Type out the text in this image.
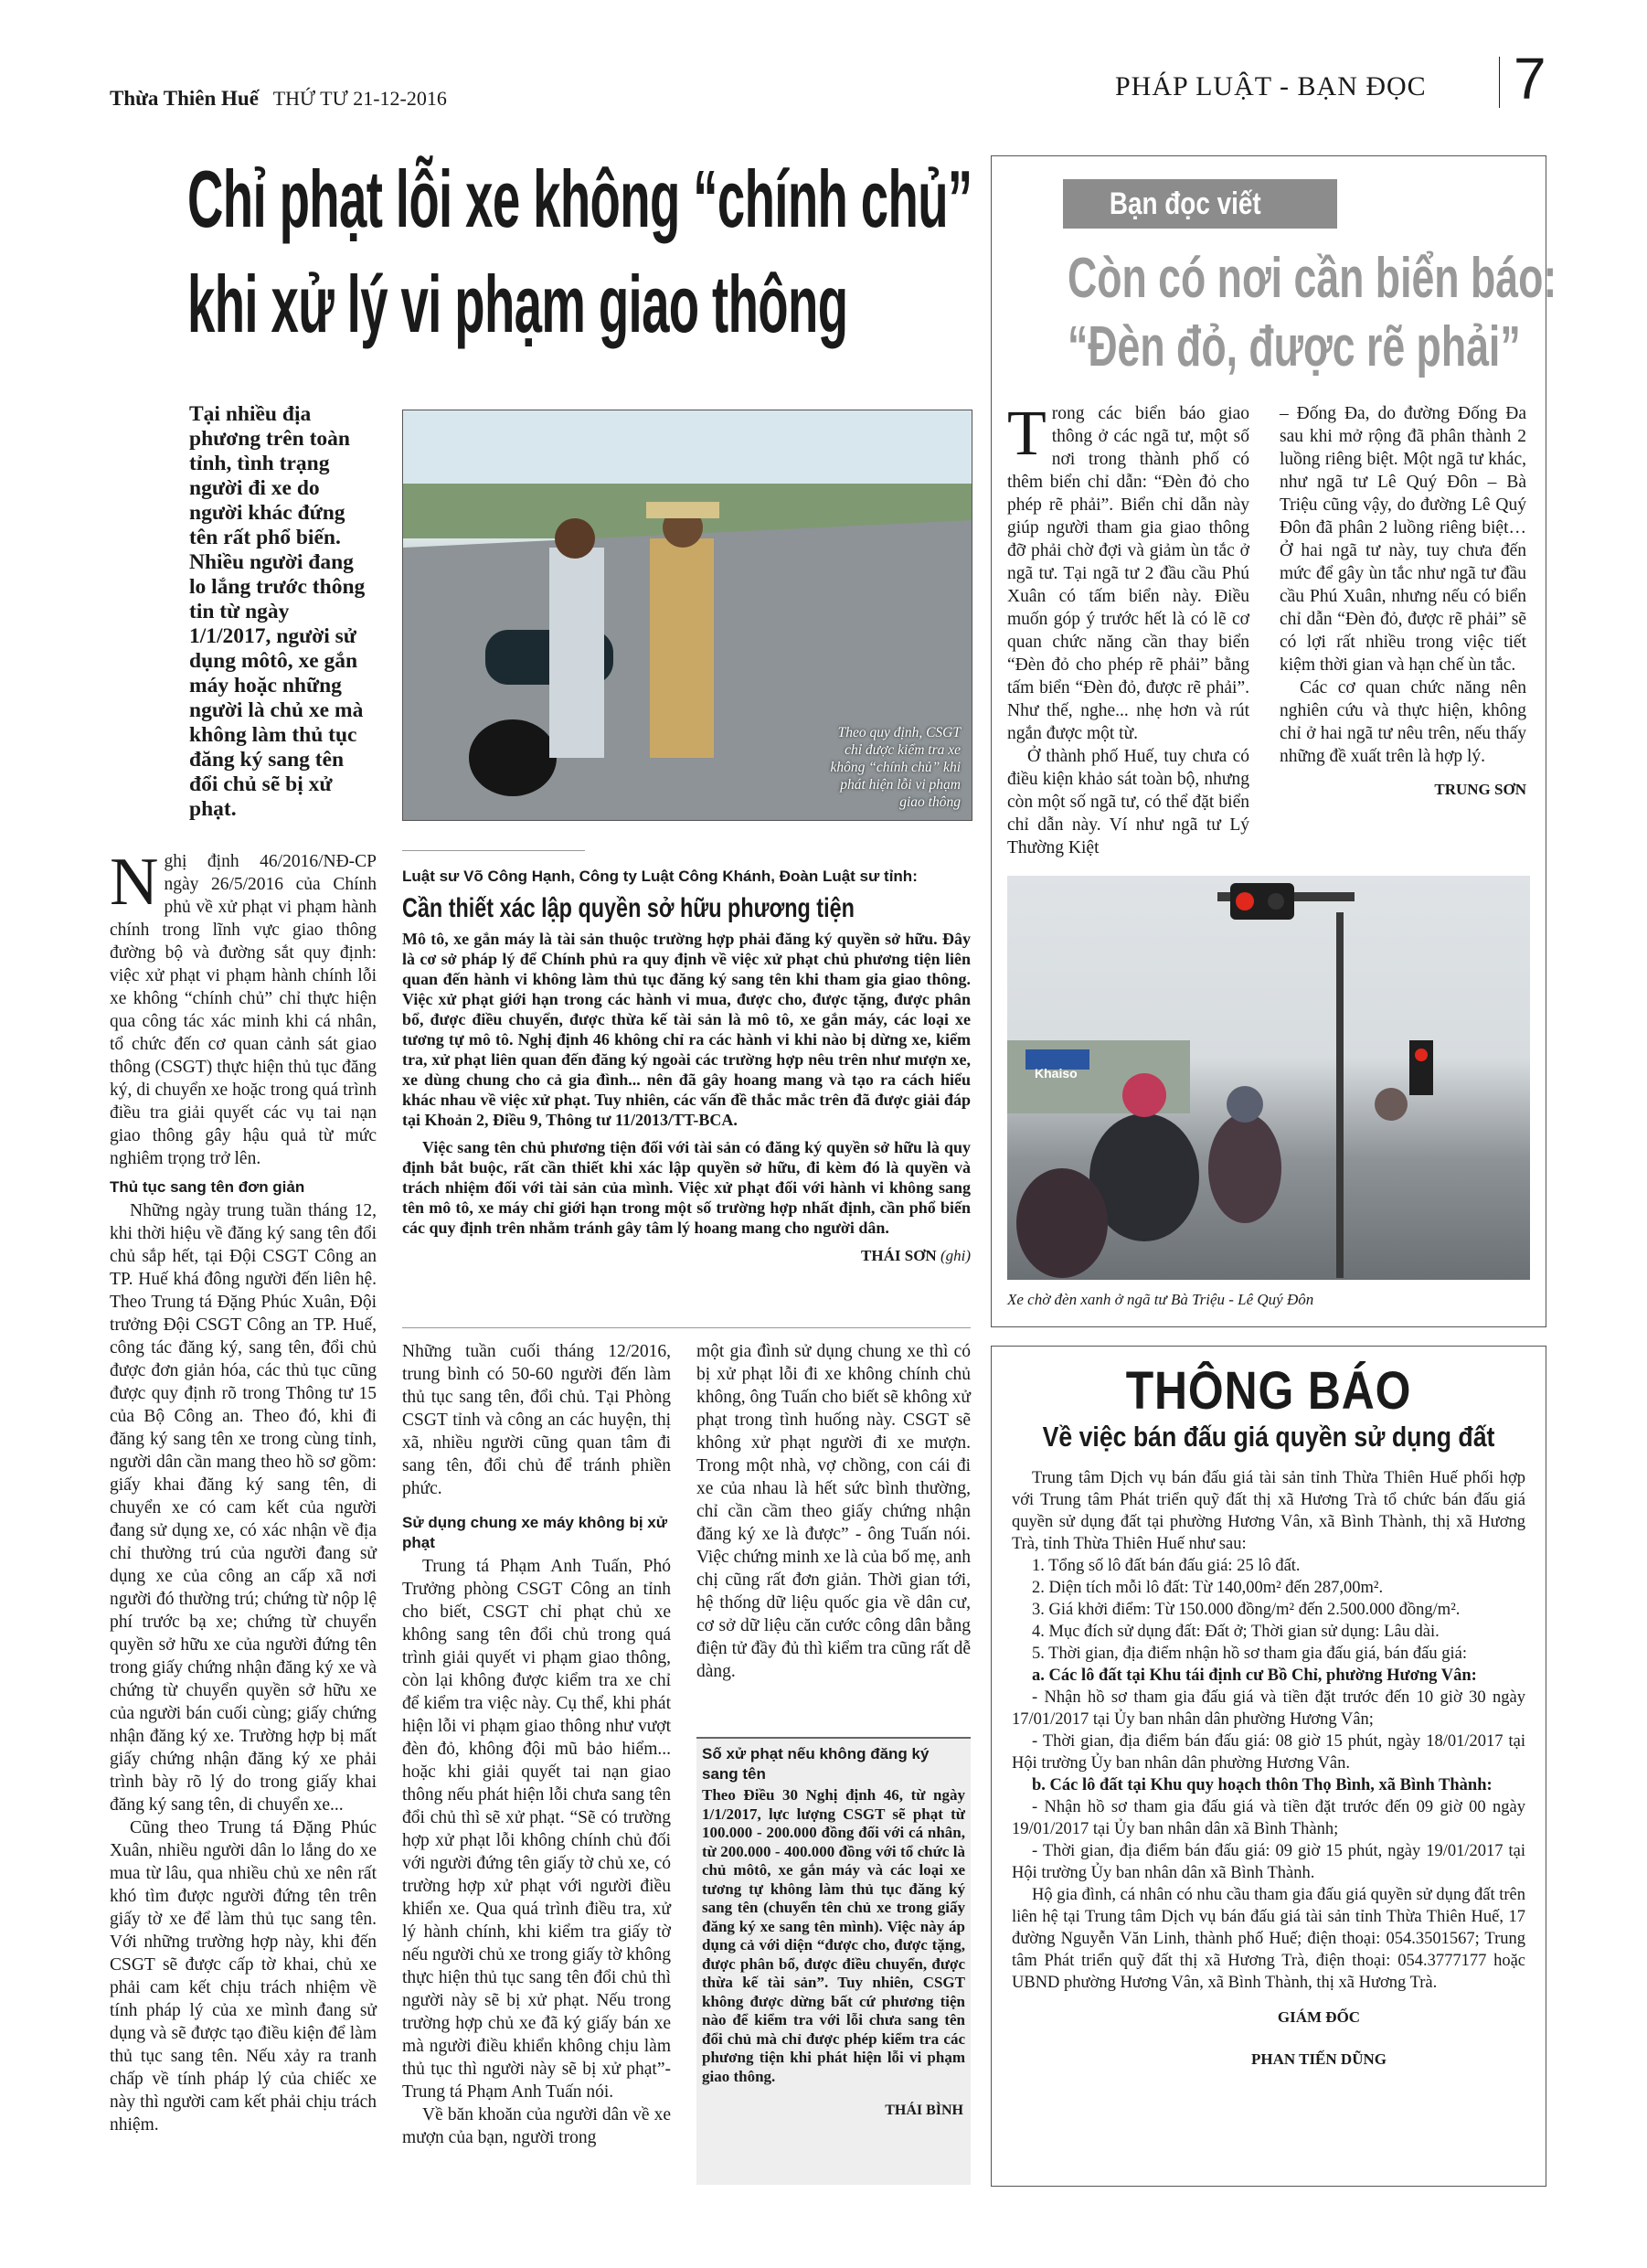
Thừa Thiên Huế THỨ TƯ 21-12-2016	PHÁP LUẬT - BẠN ĐỌC 7
Chỉ phạt lỗi xe không “chính chủ”
khi xử lý vi phạm giao thông
Tại nhiều địa phương trên toàn tỉnh, tình trạng người đi xe do người khác đứng tên rất phổ biến. Nhiều người đang lo lắng trước thông tin từ ngày 1/1/2017, người sử dụng môtô, xe gắn máy hoặc những người là chủ xe mà không làm thủ tục đăng ký sang tên đổi chủ sẽ bị xử phạt.
Theo quy định, CSGT chỉ được kiểm tra xe không “chính chủ” khi phát hiện lỗi vi phạm giao thông

Nghị định 46/2016/NĐ-CP ngày 26/5/2016 của Chính phủ về xử phạt vi phạm hành chính trong lĩnh vực giao thông đường bộ và đường sắt quy định: việc xử phạt vi phạm hành chính lỗi xe không “chính chủ” chỉ thực hiện qua công tác xác minh khi cá nhân, tổ chức đến cơ quan cảnh sát giao thông (CSGT) thực hiện thủ tục đăng ký, di chuyển xe hoặc trong quá trình điều tra giải quyết các vụ tai nạn giao thông gây hậu quả từ mức nghiêm trọng trở lên.

Thủ tục sang tên đơn giản

Những ngày trung tuần tháng 12, khi thời hiệu về đăng ký sang tên đổi chủ sắp hết, tại Đội CSGT Công an TP. Huế khá đông người đến liên hệ. Theo Trung tá Đặng Phúc Xuân, Đội trưởng Đội CSGT Công an TP. Huế, công tác đăng ký, sang tên, đổi chủ được đơn giản hóa, các thủ tục cũng được quy định rõ trong Thông tư 15 của Bộ Công an. Theo đó, khi đi đăng ký sang tên xe trong cùng tỉnh, người dân cần mang theo hồ sơ gồm: giấy khai đăng ký sang tên, di chuyển xe có cam kết của người đang sử dụng xe, có xác nhận về địa chỉ thường trú của người đang sử dụng xe của công an cấp xã nơi người đó thường trú; chứng từ nộp lệ phí trước bạ xe; chứng từ chuyển quyền sở hữu xe của người đứng tên trong giấy chứng nhận đăng ký xe và chứng từ chuyển quyền sở hữu xe của người bán cuối cùng; giấy chứng nhận đăng ký xe. Trường hợp bị mất giấy chứng nhận đăng ký xe phải trình bày rõ lý do trong giấy khai đăng ký sang tên, di chuyển xe...

Cũng theo Trung tá Đặng Phúc Xuân, nhiều người dân lo lắng do xe mua từ lâu, qua nhiều chủ xe nên rất khó tìm được người đứng tên trên giấy tờ xe để làm thủ tục sang tên. Với những trường hợp này, khi đến CSGT sẽ được cấp tờ khai, chủ xe phải cam kết chịu trách nhiệm về tính pháp lý của xe mình đang sử dụng và sẽ được tạo điều kiện để làm thủ tục sang tên. Nếu xảy ra tranh chấp về tính pháp lý của chiếc xe này thì người cam kết phải chịu trách nhiệm.

Luật sư Võ Công Hạnh, Công ty Luật Công Khánh, Đoàn Luật sư tỉnh:
Cần thiết xác lập quyền sở hữu phương tiện

Mô tô, xe gắn máy là tài sản thuộc trường hợp phải đăng ký quyền sở hữu. Đây là cơ sở pháp lý để Chính phủ ra quy định về việc xử phạt chủ phương tiện liên quan đến hành vi không làm thủ tục đăng ký sang tên khi tham gia giao thông. Việc xử phạt giới hạn trong các hành vi mua, được cho, được tặng, được phân bổ, được điều chuyển, được thừa kế tài sản là mô tô, xe gắn máy, các loại xe tương tự mô tô. Nghị định 46 không chỉ ra các hành vi khi nào bị dừng xe, kiểm tra, xử phạt liên quan đến đăng ký ngoài các trường hợp nêu trên như mượn xe, xe dùng chung cho cả gia đình... nên đã gây hoang mang và tạo ra cách hiểu khác nhau về việc xử phạt. Tuy nhiên, các vấn đề thắc mắc trên đã được giải đáp tại Khoản 2, Điều 9, Thông tư 11/2013/TT-BCA.

Việc sang tên chủ phương tiện đối với tài sản có đăng ký quyền sở hữu là quy định bắt buộc, rất cần thiết khi xác lập quyền sở hữu, đi kèm đó là quyền và trách nhiệm đối với tài sản của mình. Việc xử phạt đối với hành vi không sang tên mô tô, xe máy chỉ giới hạn trong một số trường hợp nhất định, cần phổ biến các quy định trên nhằm tránh gây tâm lý hoang mang cho người dân.

THÁI SƠN (ghi)

Những tuần cuối tháng 12/2016, trung bình có 50-60 người đến làm thủ tục sang tên, đổi chủ. Tại Phòng CSGT tỉnh và công an các huyện, thị xã, nhiều người cũng quan tâm đi sang tên, đổi chủ để tránh phiền phức.

Sử dụng chung xe máy không bị xử phạt

Trung tá Phạm Anh Tuấn, Phó Trưởng phòng CSGT Công an tỉnh cho biết, CSGT chỉ phạt chủ xe không sang tên đổi chủ trong quá trình giải quyết vi phạm giao thông, còn lại không được kiểm tra xe chỉ để kiểm tra việc này. Cụ thể, khi phát hiện lỗi vi phạm giao thông như vượt đèn đỏ, không đội mũ bảo hiểm... hoặc khi giải quyết tai nạn giao thông nếu phát hiện lỗi chưa sang tên đổi chủ thì sẽ xử phạt. “Sẽ có trường hợp xử phạt lỗi không chính chủ đối với người đứng tên giấy tờ chủ xe, có trường hợp xử phạt với người điều khiển xe. Qua quá trình điều tra, xử lý hành chính, khi kiểm tra giấy tờ nếu người chủ xe trong giấy tờ không thực hiện thủ tục sang tên đổi chủ thì người này sẽ bị xử phạt. Nếu trong trường hợp chủ xe đã ký giấy bán xe mà người điều khiển không chịu làm thủ tục thì người này sẽ bị xử phạt”- Trung tá Phạm Anh Tuấn nói.

Về băn khoăn của người dân về xe mượn của bạn, người trong

một gia đình sử dụng chung xe thì có bị xử phạt lỗi đi xe không chính chủ không, ông Tuấn cho biết sẽ không xử phạt trong tình huống này. CSGT sẽ không xử phạt người đi xe mượn. Trong một nhà, vợ chồng, con cái đi xe của nhau là hết sức bình thường, chỉ cần cầm theo giấy chứng nhận đăng ký xe là được” - ông Tuấn nói. Việc chứng minh xe là của bố mẹ, anh chị cũng rất đơn giản. Thời gian tới, hệ thống dữ liệu quốc gia về dân cư, cơ sở dữ liệu căn cước công dân bằng điện tử đầy đủ thì kiểm tra cũng rất dễ dàng.

Số xử phạt nếu không đăng ký sang tên

Theo Điều 30 Nghị định 46, từ ngày 1/1/2017, lực lượng CSGT sẽ phạt từ 100.000 - 200.000 đồng đối với cá nhân, từ 200.000 - 400.000 đồng với tổ chức là chủ môtô, xe gắn máy và các loại xe tương tự không làm thủ tục đăng ký sang tên (chuyển tên chủ xe trong giấy đăng ký xe sang tên mình). Việc này áp dụng cả với diện “được cho, được tặng, được phân bổ, được điều chuyển, được thừa kế tài sản”. Tuy nhiên, CSGT không được dừng bất cứ phương tiện nào để kiểm tra với lỗi chưa sang tên đổi chủ mà chỉ được phép kiểm tra các phương tiện khi phát hiện lỗi vi phạm giao thông.

THÁI BÌNH
Bạn đọc viết
Còn có nơi cần biển báo:
“Đèn đỏ, được rẽ phải”

Trong các biển báo giao thông ở các ngã tư, một số nơi trong thành phố có thêm biển chỉ dẫn: “Đèn đỏ cho phép rẽ phải”. Biển chỉ dẫn này giúp người tham gia giao thông đỡ phải chờ đợi và giảm ùn tắc ở ngã tư. Tại ngã tư 2 đầu cầu Phú Xuân có tấm biển này. Điều muốn góp ý trước hết là có lẽ cơ quan chức năng cần thay biển “Đèn đỏ cho phép rẽ phải” bằng tấm biển “Đèn đỏ, được rẽ phải”. Như thế, nghe... nhẹ hơn và rút ngắn được một từ.

Ở thành phố Huế, tuy chưa có điều kiện khảo sát toàn bộ, nhưng còn một số ngã tư, có thể đặt biển chỉ dẫn này. Ví như ngã tư Lý Thường Kiệt

– Đống Đa, do đường Đống Đa sau khi mở rộng đã phân thành 2 luồng riêng biệt. Một ngã tư khác, như ngã tư Lê Quý Đôn – Bà Triệu cũng vậy, do đường Lê Quý Đôn đã phân 2 luồng riêng biệt… Ở hai ngã tư này, tuy chưa đến mức để gây ùn tắc như ngã tư đầu cầu Phú Xuân, nhưng nếu có biển chỉ dẫn “Đèn đỏ, được rẽ phải” sẽ có lợi rất nhiều trong việc tiết kiệm thời gian và hạn chế ùn tắc.

Các cơ quan chức năng nên nghiên cứu và thực hiện, không chỉ ở hai ngã tư nêu trên, nếu thấy những đề xuất trên là hợp lý.

TRUNG SƠN
Khaiso
Xe chờ đèn xanh ở ngã tư Bà Triệu - Lê Quý Đôn
THÔNG BÁO
Về việc bán đấu giá quyền sử dụng đất
Trung tâm Dịch vụ bán đấu giá tài sản tỉnh Thừa Thiên Huế phối hợp với Trung tâm Phát triển quỹ đất thị xã Hương Trà tổ chức bán đấu giá quyền sử dụng đất tại phường Hương Vân, xã Bình Thành, thị xã Hương Trà, tỉnh Thừa Thiên Huế như sau:
1. Tổng số lô đất bán đấu giá: 25 lô đất.
2. Diện tích mỗi lô đất: Từ 140,00m² đến 287,00m².
3. Giá khởi điểm: Từ 150.000 đồng/m² đến 2.500.000 đồng/m².
4. Mục đích sử dụng đất: Đất ở; Thời gian sử dụng: Lâu dài.
5. Thời gian, địa điểm nhận hồ sơ tham gia đấu giá, bán đấu giá:
a. Các lô đất tại Khu tái định cư Bồ Chỉ, phường Hương Vân:
- Nhận hồ sơ tham gia đấu giá và tiền đặt trước đến 10 giờ 30 ngày 17/01/2017 tại Ủy ban nhân dân phường Hương Vân;
- Thời gian, địa điểm bán đấu giá: 08 giờ 15 phút, ngày 18/01/2017 tại Hội trường Ủy ban nhân dân phường Hương Vân.
b. Các lô đất tại Khu quy hoạch thôn Thọ Bình, xã Bình Thành:
- Nhận hồ sơ tham gia đấu giá và tiền đặt trước đến 09 giờ 00 ngày 19/01/2017 tại Ủy ban nhân dân xã Bình Thành;
- Thời gian, địa điểm bán đấu giá: 09 giờ 15 phút, ngày 19/01/2017 tại Hội trường Ủy ban nhân dân xã Bình Thành.
Hộ gia đình, cá nhân có nhu cầu tham gia đấu giá quyền sử dụng đất trên liên hệ tại Trung tâm Dịch vụ bán đấu giá tài sản tỉnh Thừa Thiên Huế, 17 đường Nguyễn Văn Linh, thành phố Huế; điện thoại: 054.3501567; Trung tâm Phát triển quỹ đất thị xã Hương Trà, điện thoại: 054.3777177 hoặc UBND phường Hương Vân, xã Bình Thành, thị xã Hương Trà.
GIÁM ĐỐC
PHAN TIẾN DŨNG
